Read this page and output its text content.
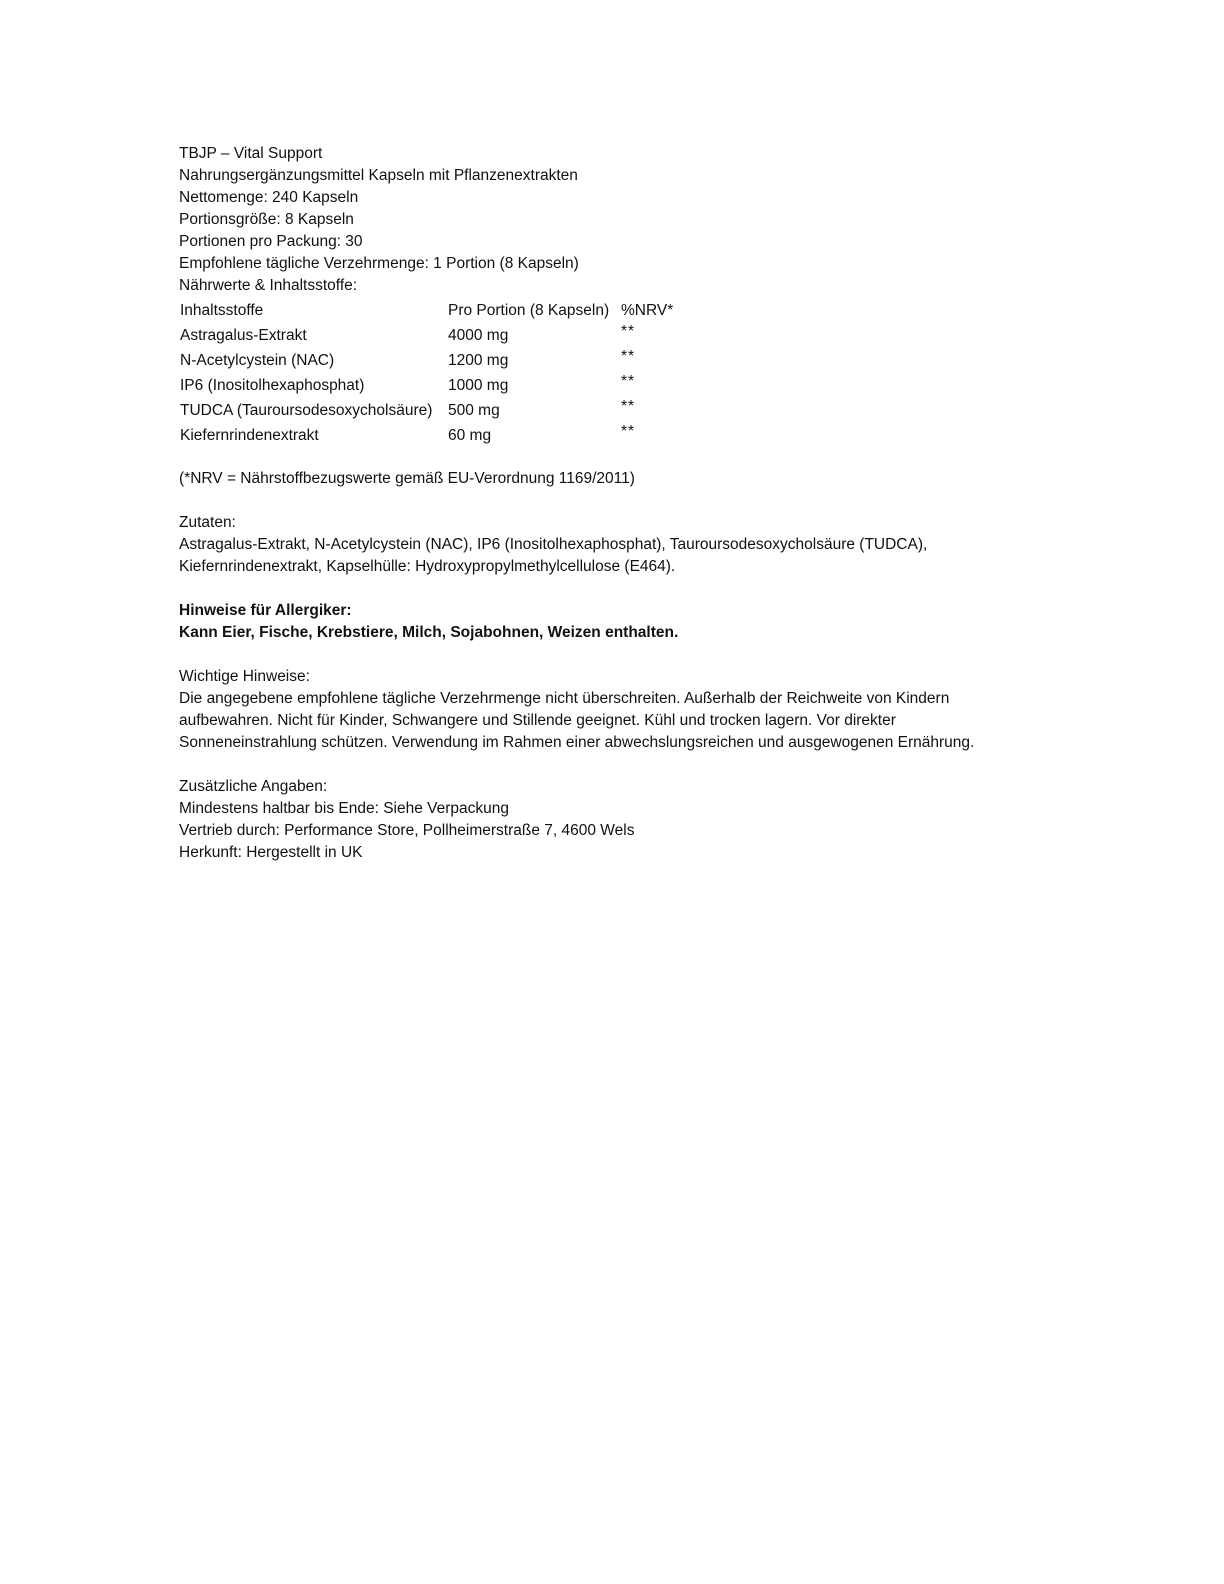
TBJP – Vital Support
Nahrungsergänzungsmittel Kapseln mit Pflanzenextrakten
Nettomenge: 240 Kapseln
Portionsgröße: 8 Kapseln
Portionen pro Packung: 30
Empfohlene tägliche Verzehrmenge: 1 Portion (8 Kapseln)
Nährwerte & Inhaltsstoffe:
Inhaltsstoffe	Pro Portion (8 Kapseln)	%NRV*
Astragalus-Extrakt	4000 mg	**
N-Acetylcystein (NAC)	1200 mg	**
IP6 (Inositolhexaphosphat)	1000 mg	**
TUDCA (Tauroursodesoxycholsäure)	500 mg	**
Kiefernrindenextrakt	60 mg	**
(*NRV = Nährstoffbezugswerte gemäß EU-Verordnung 1169/2011)
Zutaten:
Astragalus-Extrakt, N-Acetylcystein (NAC), IP6 (Inositolhexaphosphat), Tauroursodesoxycholsäure (TUDCA),
Kiefernrindenextrakt, Kapselhülle: Hydroxypropylmethylcellulose (E464).
Hinweise für Allergiker:
Kann Eier, Fische, Krebstiere, Milch, Sojabohnen, Weizen enthalten.
Wichtige Hinweise:
Die angegebene empfohlene tägliche Verzehrmenge nicht überschreiten. Außerhalb der Reichweite von Kindern
aufbewahren. Nicht für Kinder, Schwangere und Stillende geeignet. Kühl und trocken lagern. Vor direkter
Sonneneinstrahlung schützen. Verwendung im Rahmen einer abwechslungsreichen und ausgewogenen Ernährung.
Zusätzliche Angaben:
Mindestens haltbar bis Ende: Siehe Verpackung
Vertrieb durch: Performance Store, Pollheimerstraße 7, 4600 Wels
Herkunft: Hergestellt in UK
